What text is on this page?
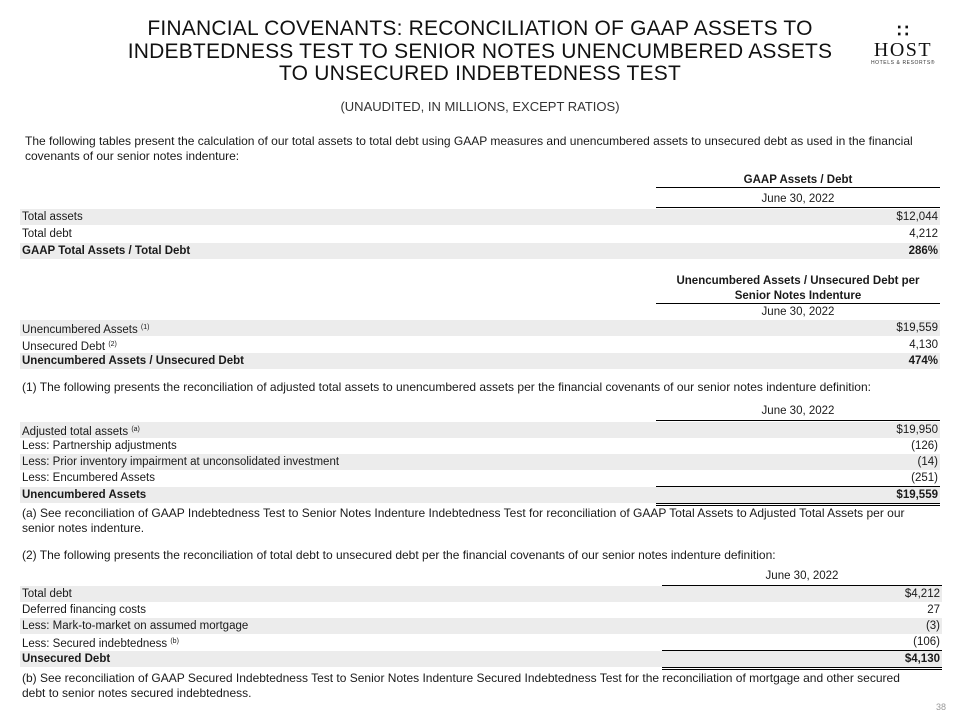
FINANCIAL COVENANTS: RECONCILIATION OF GAAP ASSETS TO
INDEBTEDNESS TEST TO SENIOR NOTES UNENCUMBERED ASSETS
TO UNSECURED INDEBTEDNESS TEST
(UNAUDITED, IN MILLIONS, EXCEPT RATIOS)
∷
HOST
HOTELS & RESORTS®
The following tables present the calculation of our total assets to total debt using GAAP measures and unencumbered assets to unsecured debt as used in the financial covenants of our senior notes indenture:
GAAP Assets / Debt
June 30, 2022
Total assets	$12,044
Total debt	4,212
GAAP Total Assets / Total Debt	286%
Unencumbered Assets / Unsecured Debt per
Senior Notes Indenture
June 30, 2022
Unencumbered Assets $^{(1)}$	$19,559
Unsecured Debt $^{(2)}$	4,130
Unencumbered Assets / Unsecured Debt	474%
(1) The following presents the reconciliation of adjusted total assets to unencumbered assets per the financial covenants of our senior notes indenture definition:
June 30, 2022
Adjusted total assets $^{(a)}$	$19,950
Less: Partnership adjustments	(126)
Less: Prior inventory impairment at unconsolidated investment	(14)
Less: Encumbered Assets	(251)
Unencumbered Assets	$19,559
(a) See reconciliation of GAAP Indebtedness Test to Senior Notes Indenture Indebtedness Test for reconciliation of GAAP Total Assets to Adjusted Total Assets per our senior notes indenture.
(2) The following presents the reconciliation of total debt to unsecured debt per the financial covenants of our senior notes indenture definition:
June 30, 2022
Total debt	$4,212
Deferred financing costs	27
Less: Mark-to-market on assumed mortgage	(3)
Less: Secured indebtedness $^{(b)}$	(106)
Unsecured Debt	$4,130
(b) See reconciliation of GAAP Secured Indebtedness Test to Senior Notes Indenture Secured Indebtedness Test for the reconciliation of mortgage and other secured debt to senior notes secured indebtedness.
38
